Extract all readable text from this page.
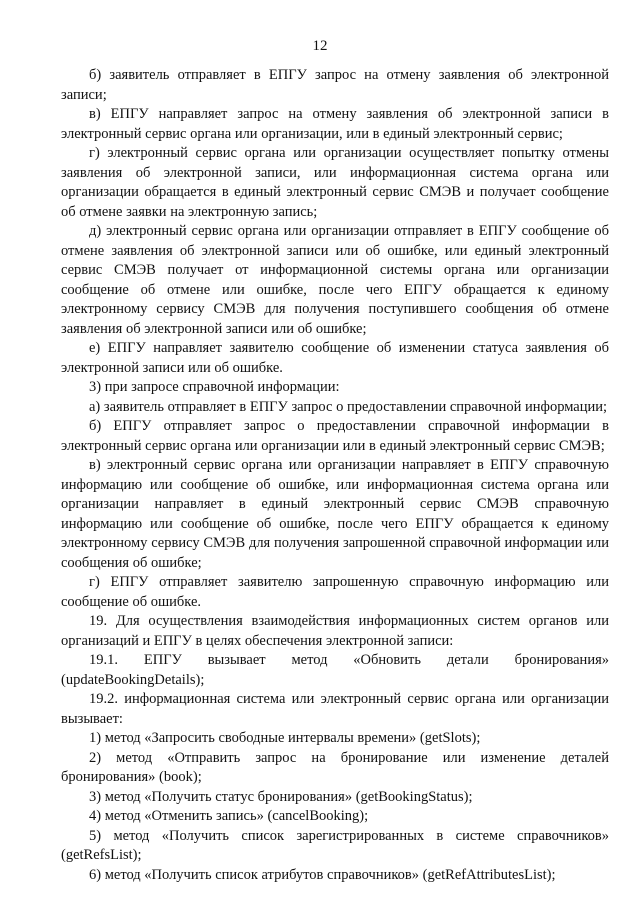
12

б) заявитель отправляет в ЕПГУ запрос на отмену заявления об электронной записи;

в) ЕПГУ направляет запрос на отмену заявления об электронной записи в электронный сервис органа или организации, или в единый электронный сервис;

г) электронный сервис органа или организации осуществляет попытку отмены заявления об электронной записи, или информационная система органа или организации обращается в единый электронный сервис СМЭВ и получает сообщение об отмене заявки на электронную запись;

д) электронный сервис органа или организации отправляет в ЕПГУ сообщение об отмене заявления об электронной записи или об ошибке, или единый электронный сервис СМЭВ получает от информационной системы органа или организации сообщение об отмене или ошибке, после чего ЕПГУ обращается к единому электронному сервису СМЭВ для получения поступившего сообщения об отмене заявления об электронной записи или об ошибке;

е) ЕПГУ направляет заявителю сообщение об изменении статуса заявления об электронной записи или об ошибке.

3) при запросе справочной информации:

а) заявитель отправляет в ЕПГУ запрос о предоставлении справочной информации;

б) ЕПГУ отправляет запрос о предоставлении справочной информации в электронный сервис органа или организации или в единый электронный сервис СМЭВ;

в) электронный сервис органа или организации направляет в ЕПГУ справочную информацию или сообщение об ошибке, или информационная система органа или организации направляет в единый электронный сервис СМЭВ справочную информацию или сообщение об ошибке, после чего ЕПГУ обращается к единому электронному сервису СМЭВ для получения запрошенной справочной информации или сообщения об ошибке;

г) ЕПГУ отправляет заявителю запрошенную справочную информацию или сообщение об ошибке.

19. Для осуществления взаимодействия информационных систем органов или организаций и ЕПГУ в целях обеспечения электронной записи:

19.1. ЕПГУ вызывает метод «Обновить детали бронирования» (updateBookingDetails);

19.2. информационная система или электронный сервис органа или организации вызывает:

1) метод «Запросить свободные интервалы времени» (getSlots);

2) метод «Отправить запрос на бронирование или изменение деталей бронирования» (book);

3) метод «Получить статус бронирования» (getBookingStatus);

4) метод «Отменить запись» (cancelBooking);

5) метод «Получить список зарегистрированных в системе справочников» (getRefsList);

6) метод «Получить список атрибутов справочников» (getRefAttributesList);
